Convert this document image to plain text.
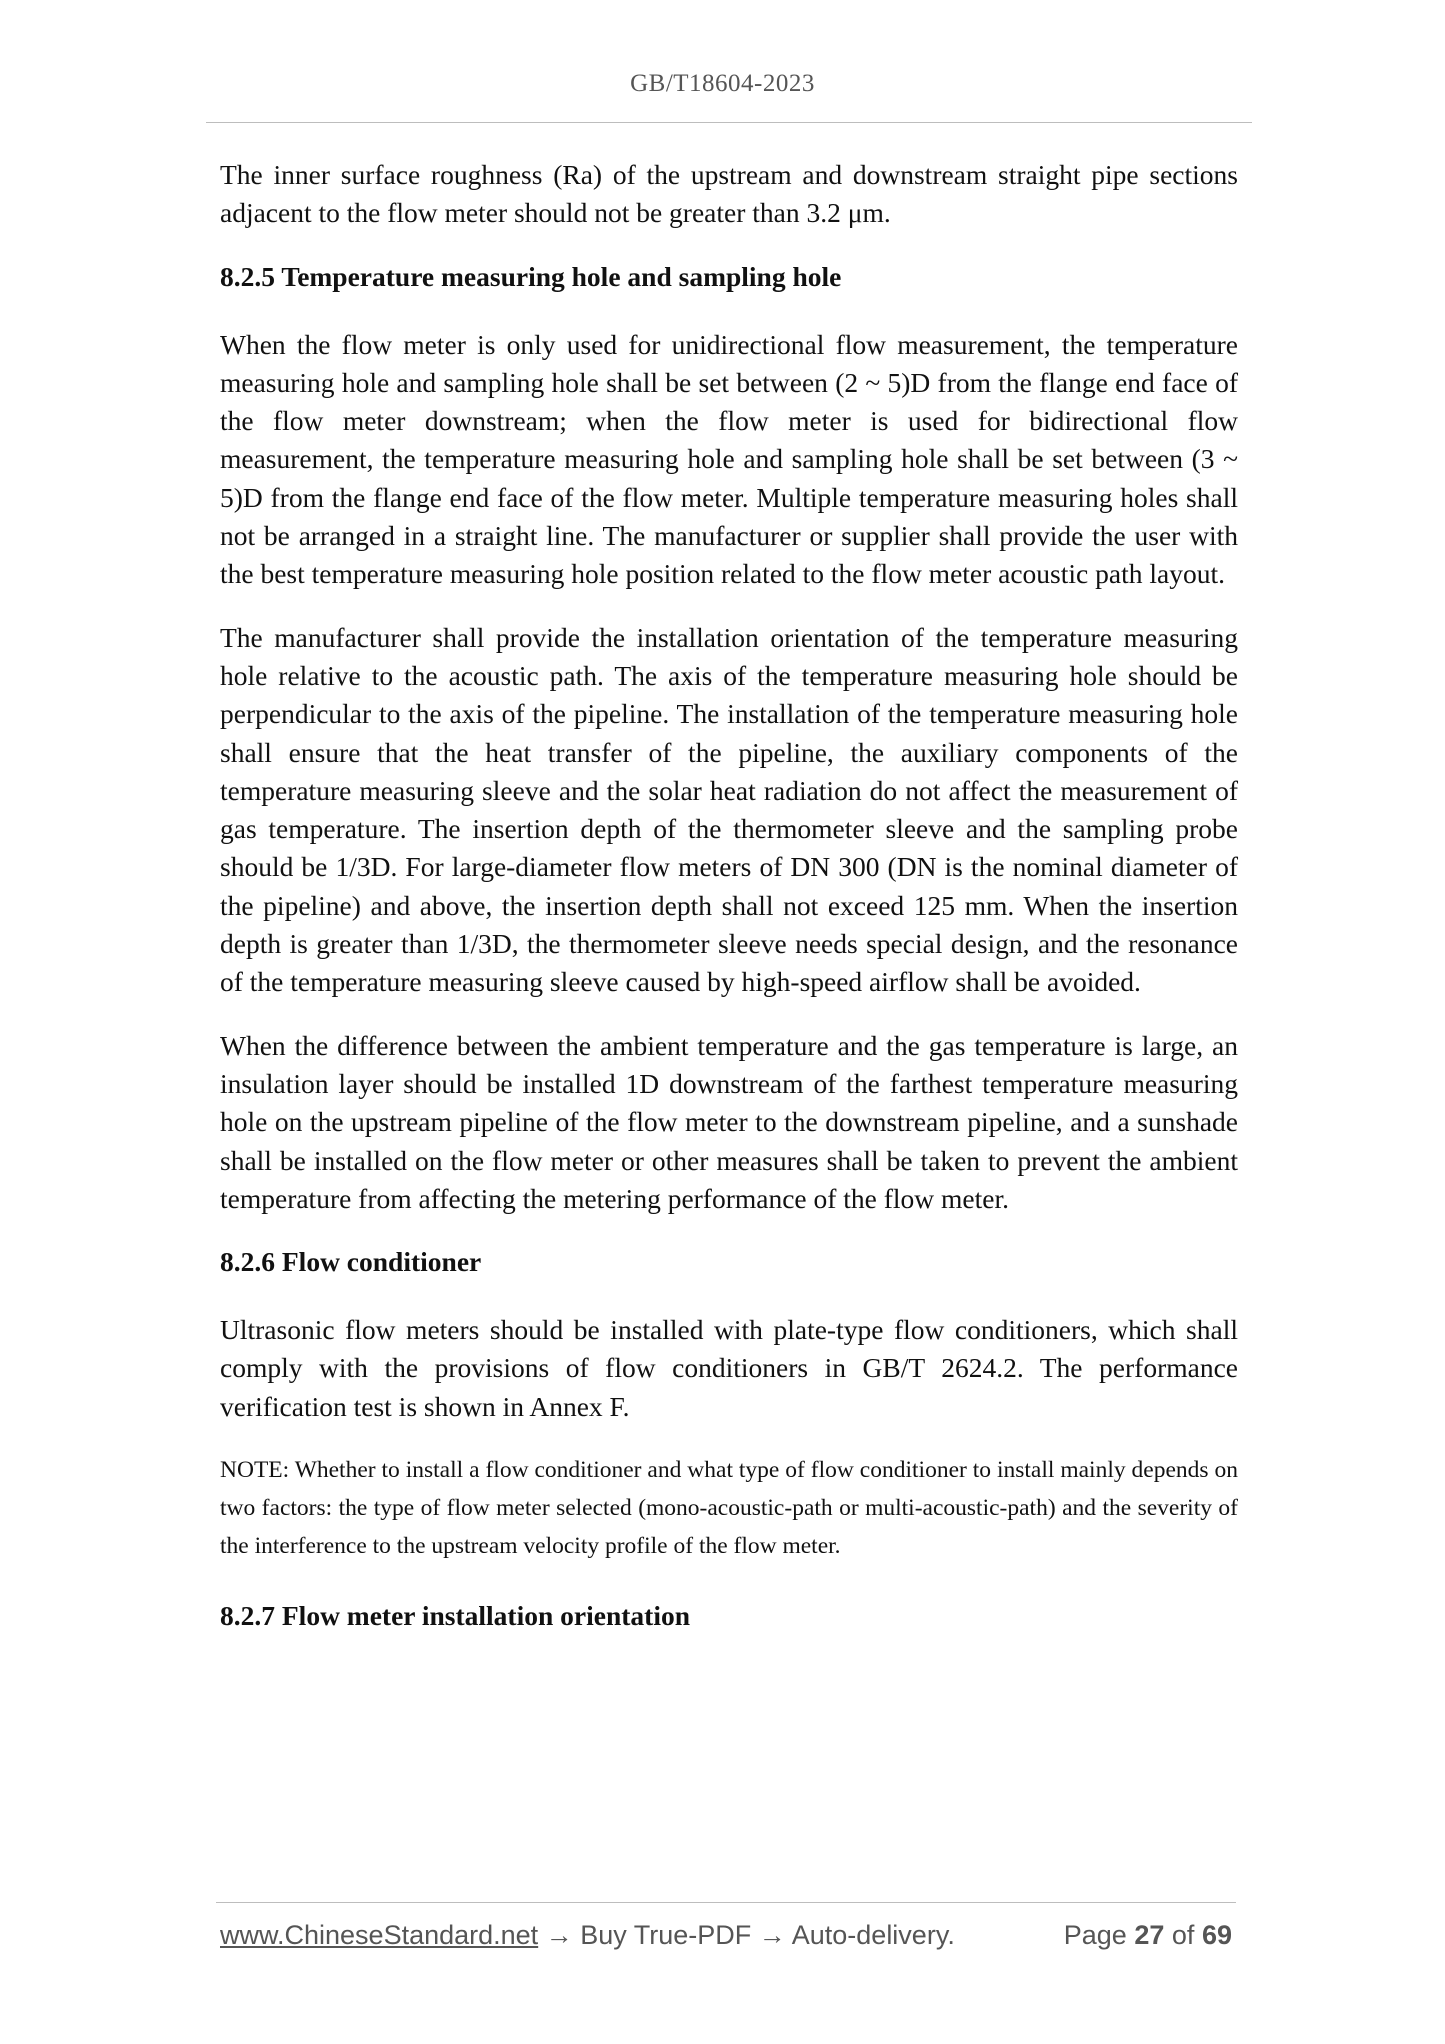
GB/T18604-2023

The inner surface roughness (Ra) of the upstream and downstream straight pipe sections adjacent to the flow meter should not be greater than 3.2 μm.

8.2.5 Temperature measuring hole and sampling hole

When the flow meter is only used for unidirectional flow measurement, the temperature measuring hole and sampling hole shall be set between (2 ~ 5)D from the flange end face of the flow meter downstream; when the flow meter is used for bidirectional flow measurement, the temperature measuring hole and sampling hole shall be set between (3 ~ 5)D from the flange end face of the flow meter. Multiple temperature measuring holes shall not be arranged in a straight line. The manufacturer or supplier shall provide the user with the best temperature measuring hole position related to the flow meter acoustic path layout.

The manufacturer shall provide the installation orientation of the temperature measuring hole relative to the acoustic path. The axis of the temperature measuring hole should be perpendicular to the axis of the pipeline. The installation of the temperature measuring hole shall ensure that the heat transfer of the pipeline, the auxiliary components of the temperature measuring sleeve and the solar heat radiation do not affect the measurement of gas temperature. The insertion depth of the thermometer sleeve and the sampling probe should be 1/3D. For large-diameter flow meters of DN 300 (DN is the nominal diameter of the pipeline) and above, the insertion depth shall not exceed 125 mm. When the insertion depth is greater than 1/3D, the thermometer sleeve needs special design, and the resonance of the temperature measuring sleeve caused by high-speed airflow shall be avoided.

When the difference between the ambient temperature and the gas temperature is large, an insulation layer should be installed 1D downstream of the farthest temperature measuring hole on the upstream pipeline of the flow meter to the downstream pipeline, and a sunshade shall be installed on the flow meter or other measures shall be taken to prevent the ambient temperature from affecting the metering performance of the flow meter.

8.2.6 Flow conditioner

Ultrasonic flow meters should be installed with plate-type flow conditioners, which shall comply with the provisions of flow conditioners in GB/T 2624.2. The performance verification test is shown in Annex F.

NOTE: Whether to install a flow conditioner and what type of flow conditioner to install mainly depends on two factors: the type of flow meter selected (mono-acoustic-path or multi-acoustic-path) and the severity of the interference to the upstream velocity profile of the flow meter.

8.2.7 Flow meter installation orientation

www.ChineseStandard.net → Buy True-PDF → Auto-delivery.	Page 27 of 69
